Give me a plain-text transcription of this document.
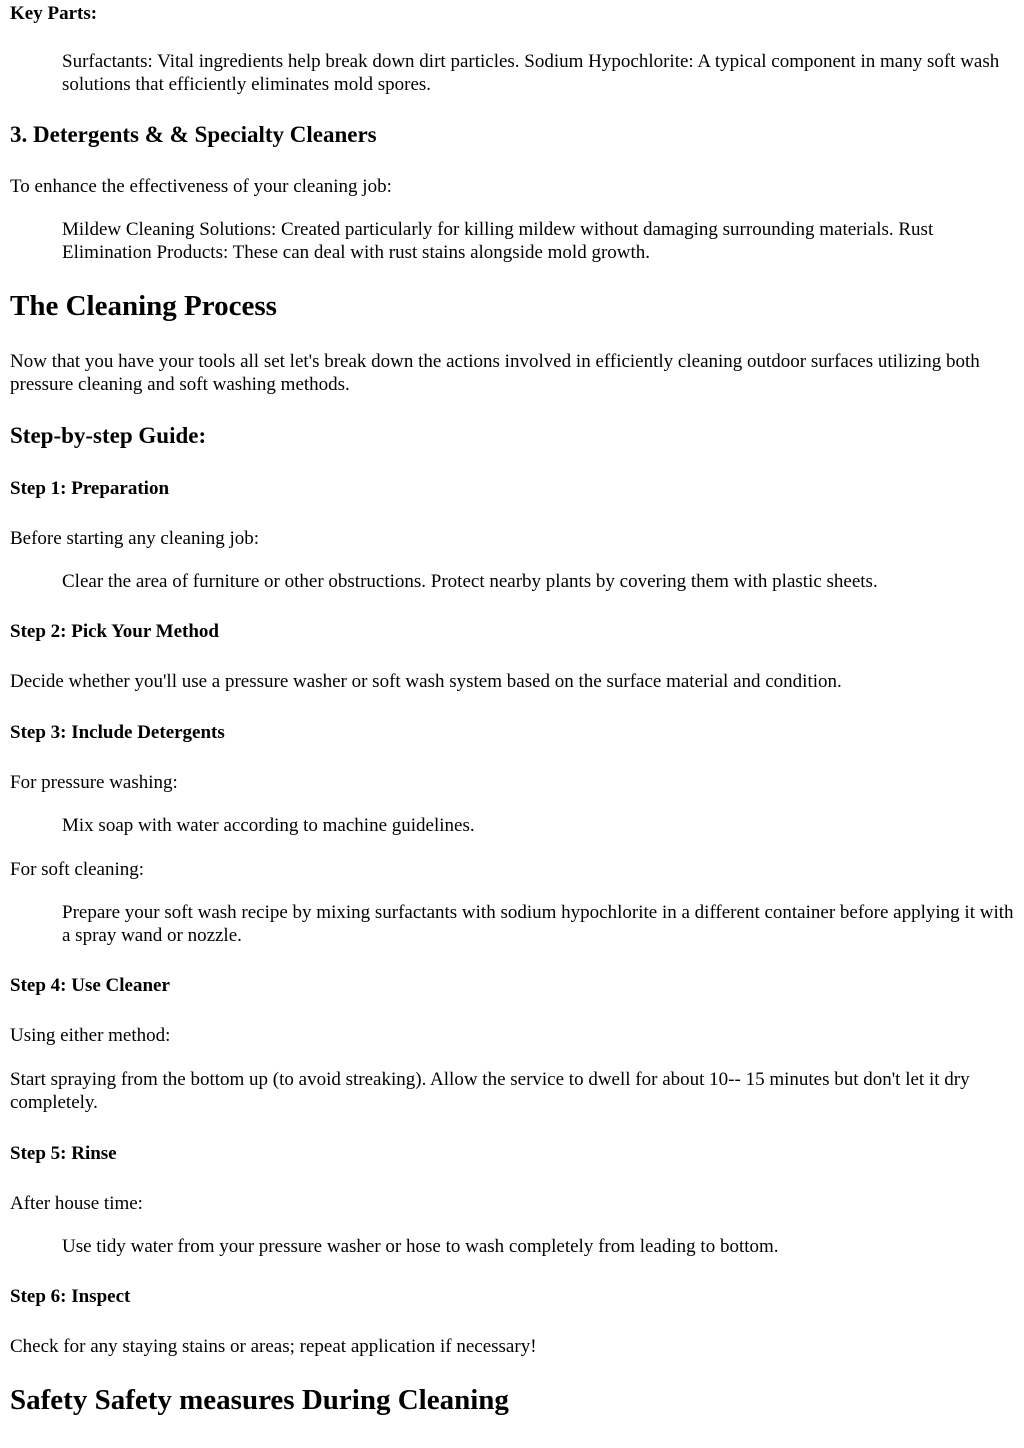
Key Parts:

Surfactants: Vital ingredients help break down dirt particles. Sodium Hypochlorite: A typical component in many soft wash solutions that efficiently eliminates mold spores.

3. Detergents & & Specialty Cleaners

To enhance the effectiveness of your cleaning job:

Mildew Cleaning Solutions: Created particularly for killing mildew without damaging surrounding materials. Rust Elimination Products: These can deal with rust stains alongside mold growth.

The Cleaning Process

Now that you have your tools all set let's break down the actions involved in efficiently cleaning outdoor surfaces utilizing both pressure cleaning and soft washing methods.

Step-by-step Guide:
Step 1: Preparation

Before starting any cleaning job:

Clear the area of furniture or other obstructions. Protect nearby plants by covering them with plastic sheets.

Step 2: Pick Your Method

Decide whether you'll use a pressure washer or soft wash system based on the surface material and condition.

Step 3: Include Detergents

For pressure washing:

Mix soap with water according to machine guidelines.

For soft cleaning:

Prepare your soft wash recipe by mixing surfactants with sodium hypochlorite in a different container before applying it with a spray wand or nozzle.

Step 4: Use Cleaner

Using either method:

Start spraying from the bottom up (to avoid streaking). Allow the service to dwell for about 10-- 15 minutes but don't let it dry completely.

Step 5: Rinse

After house time:

Use tidy water from your pressure washer or hose to wash completely from leading to bottom.

Step 6: Inspect

Check for any staying stains or areas; repeat application if necessary!

Safety Safety measures During Cleaning
